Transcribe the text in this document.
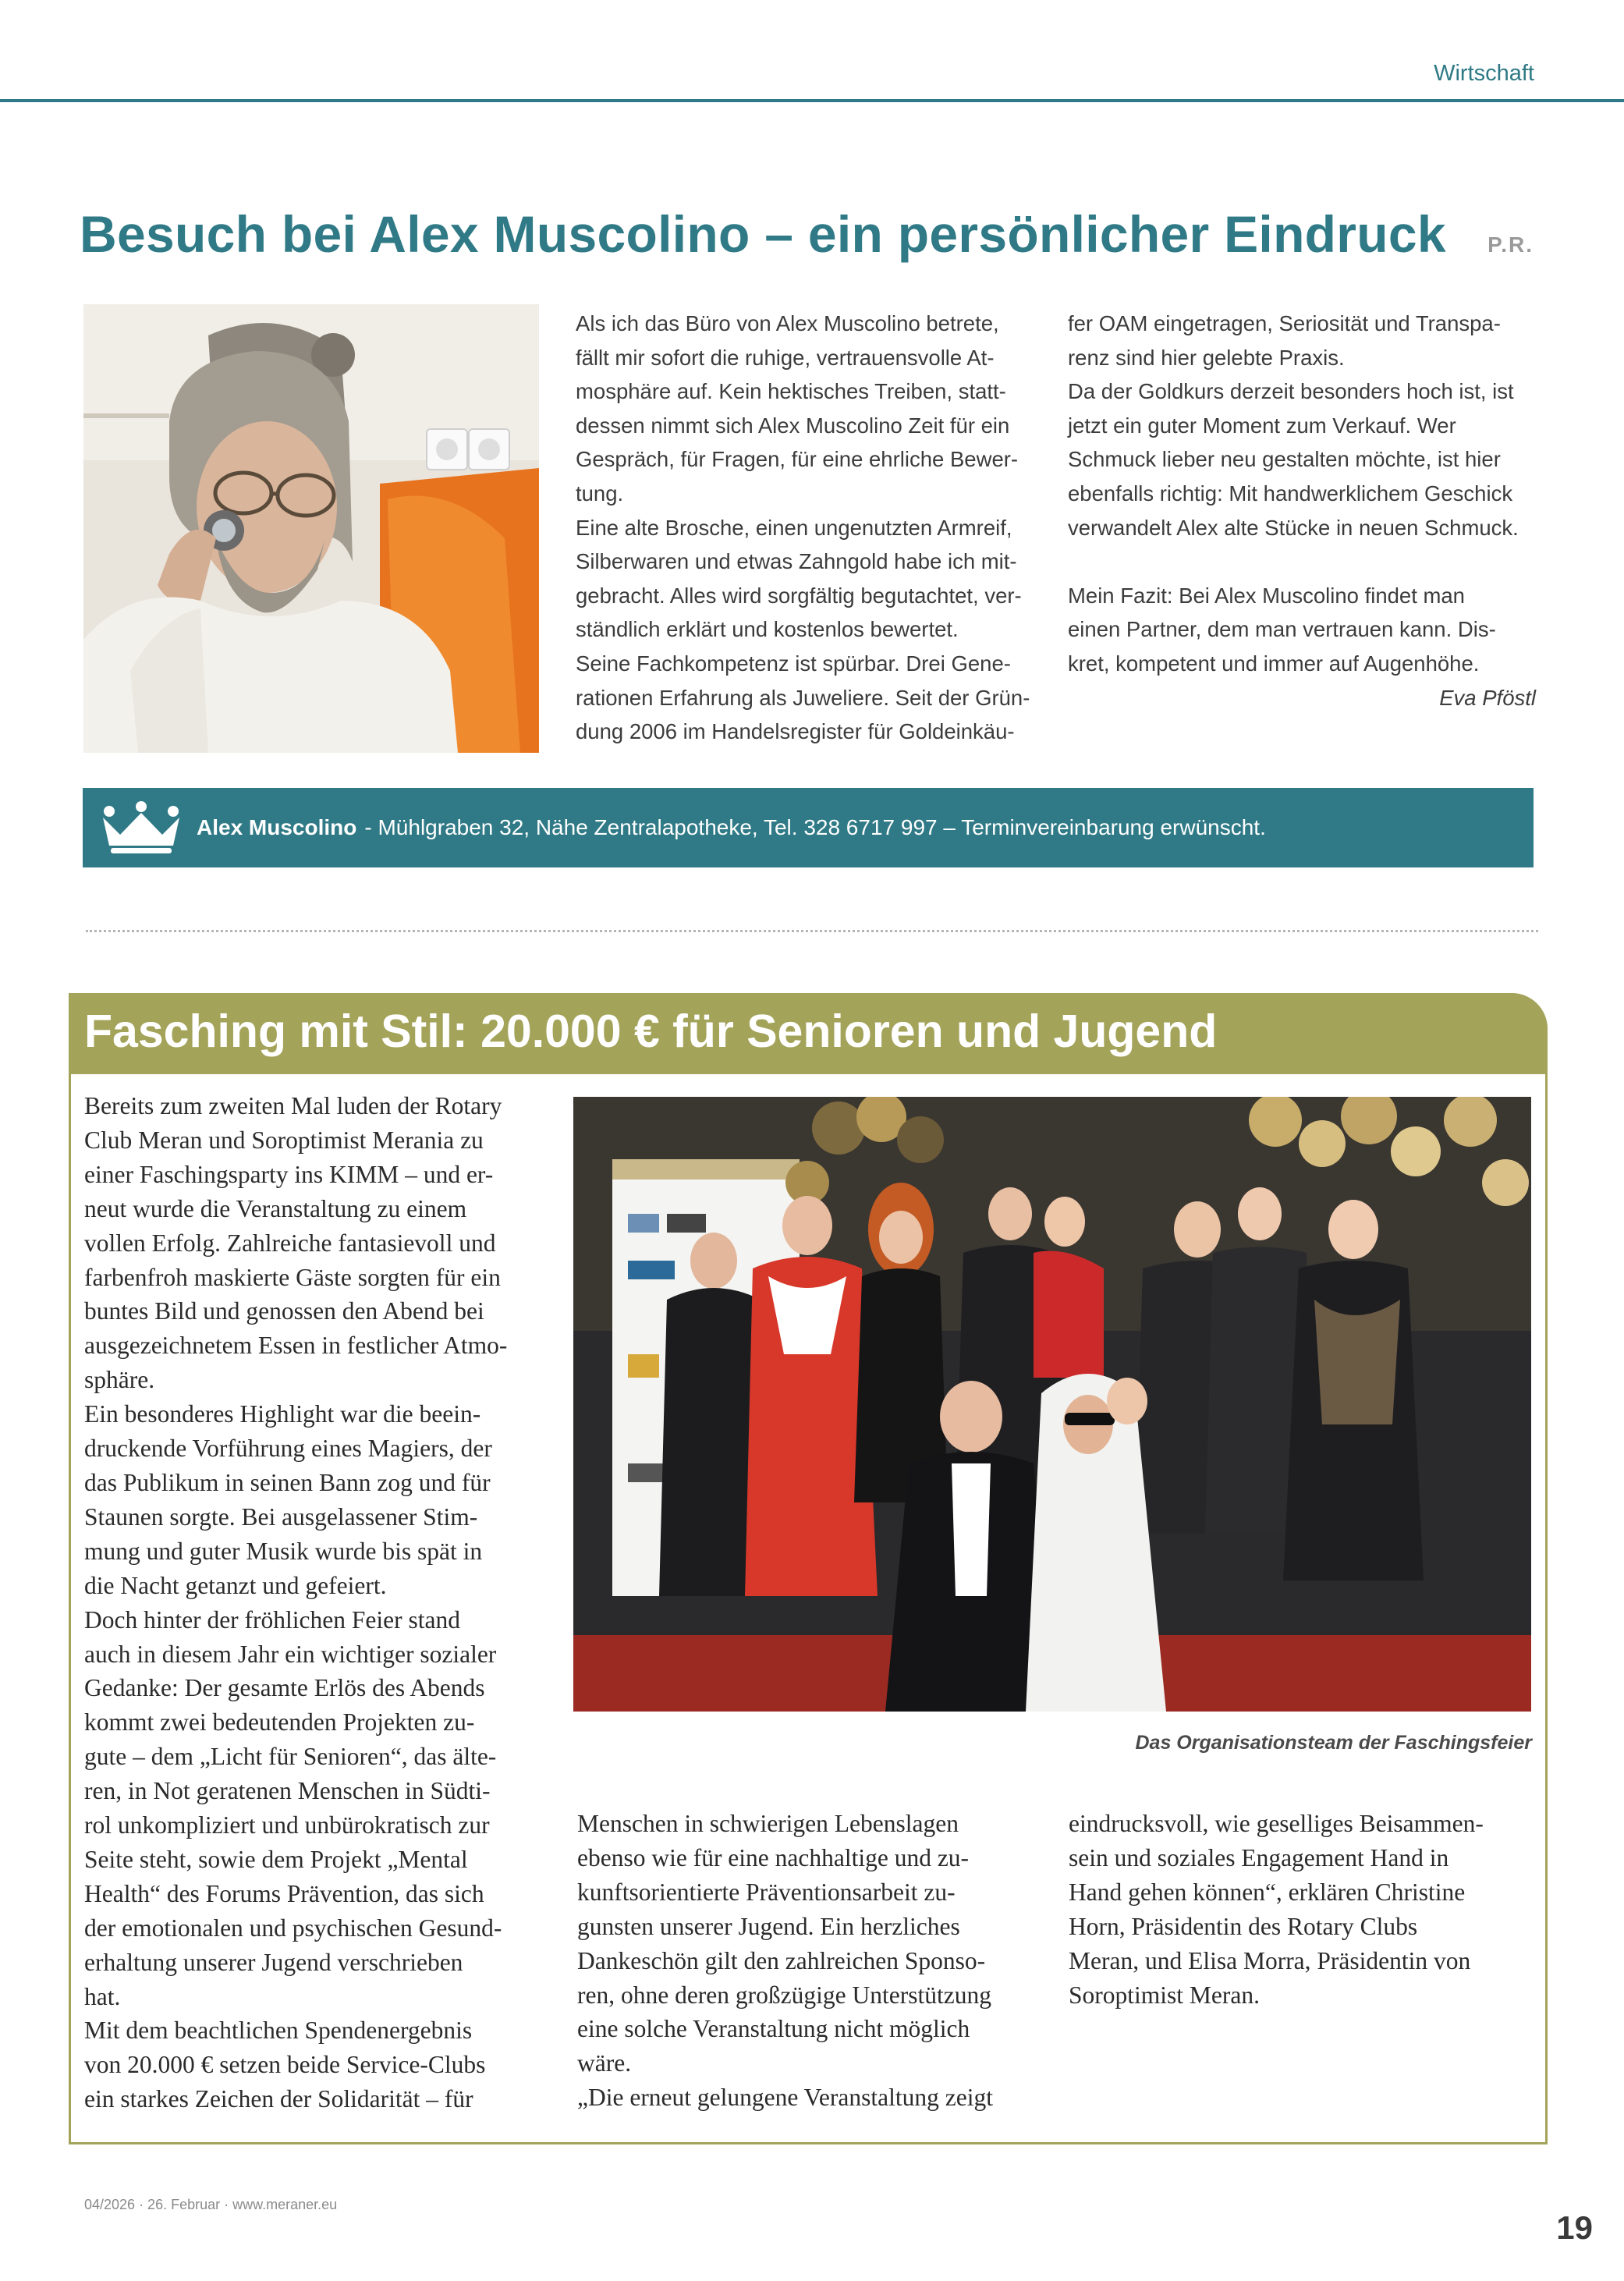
Wirtschaft
Besuch bei Alex Muscolino – ein persönlicher Eindruck P.R.

Als ich das Büro von Alex Muscolino betrete,

fällt mir sofort die ruhige, vertrauensvolle At-

mosphäre auf. Kein hektisches Treiben, statt-

dessen nimmt sich Alex Muscolino Zeit für ein

Gespräch, für Fragen, für eine ehrliche Bewer-

tung.

Eine alte Brosche, einen ungenutzten Armreif,

Silberwaren und etwas Zahngold habe ich mit-

gebracht. Alles wird sorgfältig begutachtet, ver-

ständlich erklärt und kostenlos bewertet.

Seine Fachkompetenz ist spürbar. Drei Gene-

rationen Erfahrung als Juweliere. Seit der Grün-

dung 2006 im Handelsregister für Goldeinkäu-

fer OAM eingetragen, Seriosität und Transpa-

renz sind hier gelebte Praxis.

Da der Goldkurs derzeit besonders hoch ist, ist

jetzt ein guter Moment zum Verkauf. Wer

Schmuck lieber neu gestalten möchte, ist hier

ebenfalls richtig: Mit handwerklichem Geschick

verwandelt Alex alte Stücke in neuen Schmuck.

Mein Fazit: Bei Alex Muscolino findet man

einen Partner, dem man vertrauen kann. Dis-

kret, kompetent und immer auf Augenhöhe.

Eva Pföstl

Alex Muscolino - Mühlgraben 32, Nähe Zentralapotheke, Tel. 328 6717 997 – Terminvereinbarung erwünscht.
Fasching mit Stil: 20.000 € für Senioren und Jugend

Bereits zum zweiten Mal luden der Rotary

Club Meran und Soroptimist Merania zu

einer Faschingsparty ins KIMM – und er-

neut wurde die Veranstaltung zu einem

vollen Erfolg. Zahlreiche fantasievoll und

farbenfroh maskierte Gäste sorgten für ein

buntes Bild und genossen den Abend bei

ausgezeichnetem Essen in festlicher Atmo-

sphäre.

Ein besonderes Highlight war die beein-

druckende Vorführung eines Magiers, der

das Publikum in seinen Bann zog und für

Staunen sorgte. Bei ausgelassener Stim-

mung und guter Musik wurde bis spät in

die Nacht getanzt und gefeiert.

Doch hinter der fröhlichen Feier stand

auch in diesem Jahr ein wichtiger sozialer

Gedanke: Der gesamte Erlös des Abends

kommt zwei bedeutenden Projekten zu-

gute – dem „Licht für Senioren“, das älte-

ren, in Not geratenen Menschen in Südti-

rol unkompliziert und unbürokratisch zur

Seite steht, sowie dem Projekt „Mental

Health“ des Forums Prävention, das sich

der emotionalen und psychischen Gesund-

erhaltung unserer Jugend verschrieben

hat.

Mit dem beachtlichen Spendenergebnis

von 20.000 € setzen beide Service-Clubs

ein starkes Zeichen der Solidarität – für

Das Organisationsteam der Faschingsfeier

Menschen in schwierigen Lebenslagen

ebenso wie für eine nachhaltige und zu-

kunftsorientierte Präventionsarbeit zu-

gunsten unserer Jugend. Ein herzliches

Dankeschön gilt den zahlreichen Sponso-

ren, ohne deren großzügige Unterstützung

eine solche Veranstaltung nicht möglich

wäre.

„Die erneut gelungene Veranstaltung zeigt

eindrucksvoll, wie geselliges Beisammen-

sein und soziales Engagement Hand in

Hand gehen können“, erklären Christine

Horn, Präsidentin des Rotary Clubs

Meran, und Elisa Morra, Präsidentin von

Soroptimist Meran.

04/2026 · 26. Februar · www.meraner.eu
19
